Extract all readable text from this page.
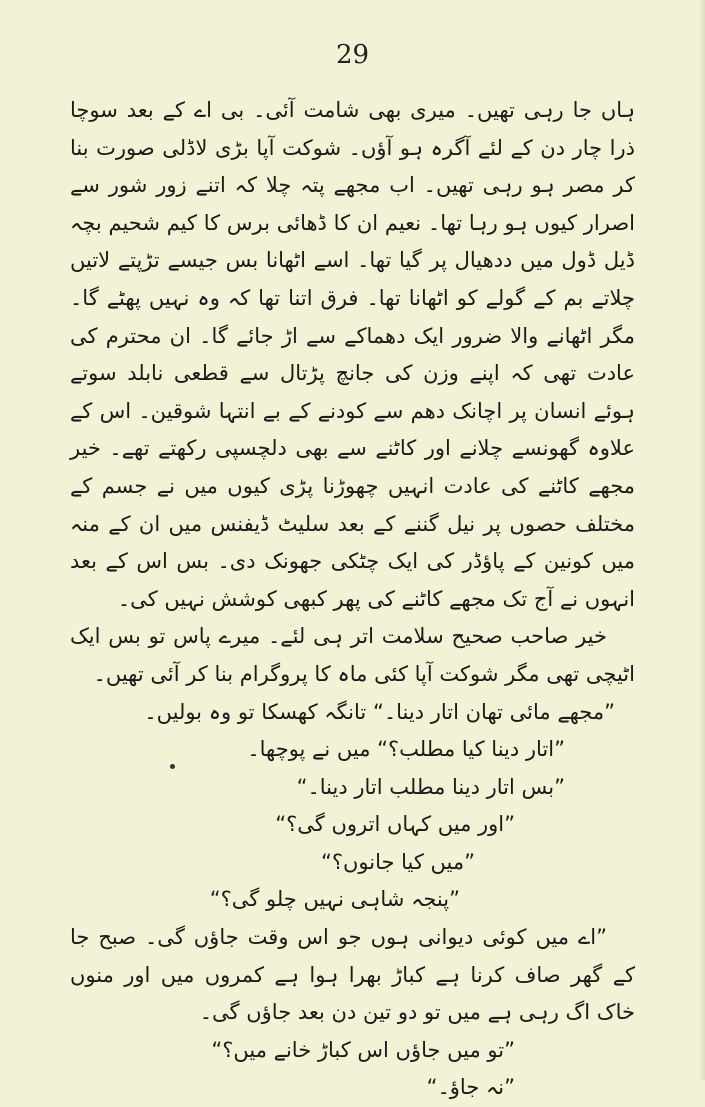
29

ہاں جا رہی تھیں۔ میری بھی شامت آئی۔ بی اے کے بعد سوچا ذرا چار دن کے لئے آگرہ ہو آؤں۔ شوکت آپا بڑی لاڈلی صورت بنا کر مصر ہو رہی تھیں۔ اب مجھے پتہ چلا کہ اتنے زور شور سے اصرار کیوں ہو رہا تھا۔ نعیم ان کا ڈھائی برس کا کیم شحیم بچہ ڈیل ڈول میں ددھیال پر گیا تھا۔ اسے اٹھانا بس جیسے تڑپتے لاتیں چلاتے بم کے گولے کو اٹھانا تھا۔ فرق اتنا تھا کہ وہ نہیں پھٹے گا۔ مگر اٹھانے والا ضرور ایک دھماکے سے اڑ جائے گا۔ ان محترم کی عادت تھی کہ اپنے وزن کی جانچ پڑتال سے قطعی نابلد سوتے ہوئے انسان پر اچانک دھم سے کودنے کے بے انتہا شوقین۔ اس کے علاوہ گھونسے چلانے اور کاٹنے سے بھی دلچسپی رکھتے تھے۔ خیر مجھے کاٹنے کی عادت انہیں چھوڑنا پڑی کیوں میں نے جسم کے مختلف حصوں پر نیل گننے کے بعد سلیٹ ڈیفنس میں ان کے منہ میں کونین کے پاؤڈر کی ایک چٹکی جھونک دی۔ بس اس کے بعد انہوں نے آج تک مجھے کاٹنے کی پھر کبھی کوشش نہیں کی۔

خیر صاحب صحیح سلامت اتر ہی لئے۔ میرے پاس تو بس ایک اٹیچی تھی مگر شوکت آپا کئی ماہ کا پروگرام بنا کر آئی تھیں۔

”مجھے مائی تھان اتار دینا۔“ تانگہ کھسکا تو وہ بولیں۔

”اتار دینا کیا مطلب؟“ میں نے پوچھا۔

”بس اتار دینا مطلب اتار دینا۔“

”اور میں کہاں اتروں گی؟“

”میں کیا جانوں؟“

”پنجہ شاہی نہیں چلو گی؟“

”اے میں کوئی دیوانی ہوں جو اس وقت جاؤں گی۔ صبح جا کے گھر صاف کرنا ہے کباڑ بھرا ہوا ہے کمروں میں اور منوں خاک اگ رہی ہے میں تو دو تین دن بعد جاؤں گی۔

”تو میں جاؤں اس کباڑ خانے میں؟“

”نہ جاؤ۔“
